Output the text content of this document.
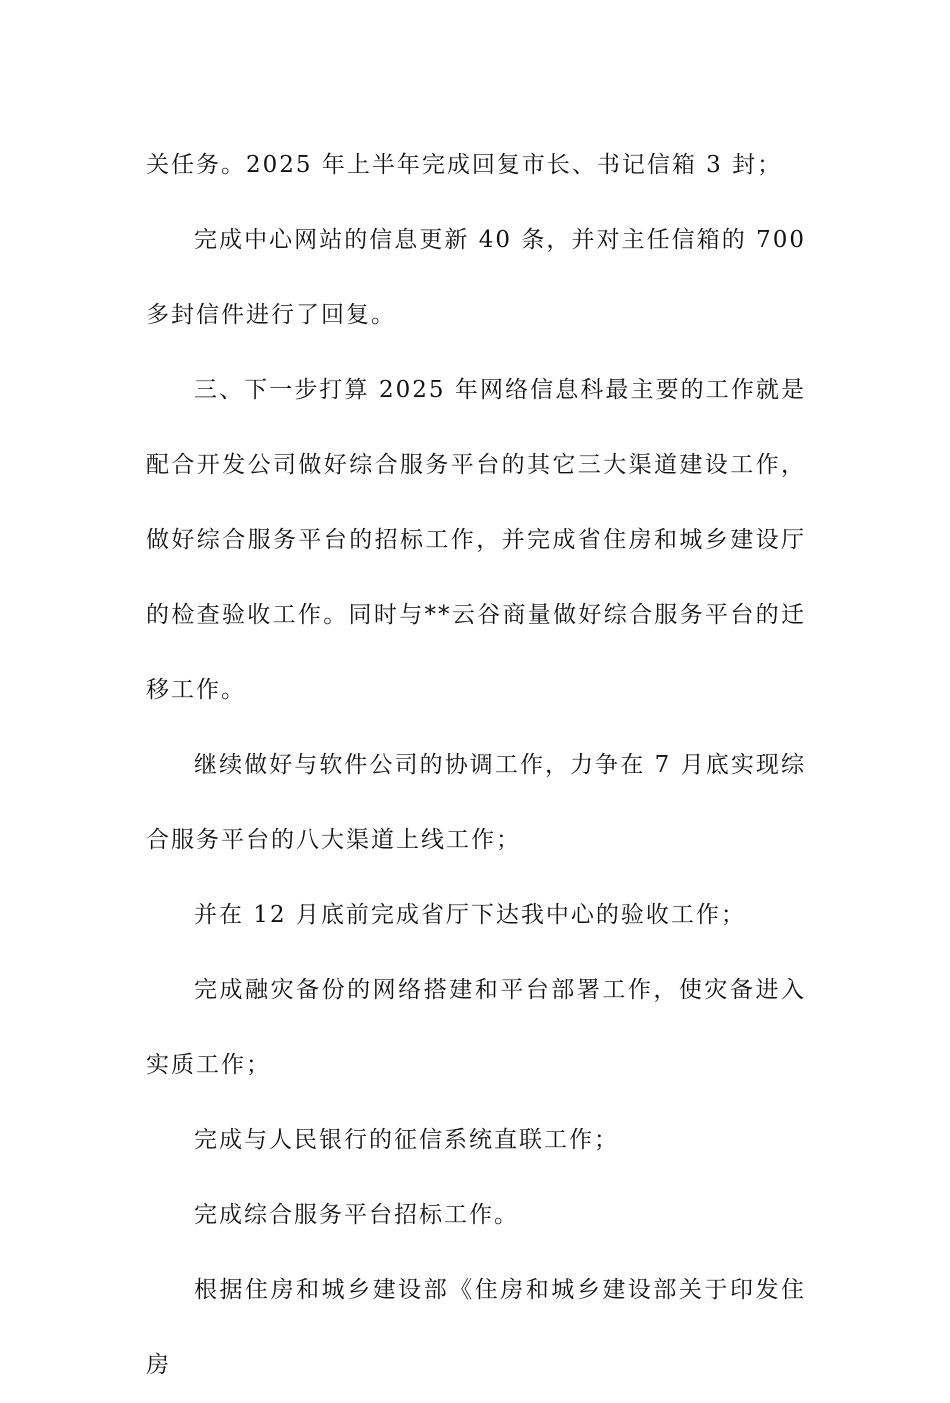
关任务。2025 年上半年完成回复市长、书记信箱 3 封；

完成中心网站的信息更新 40 条，并对主任信箱的 700 多封信件进行了回复。

三、下一步打算 2025 年网络信息科最主要的工作就是配合开发公司做好综合服务平台的其它三大渠道建设工作，做好综合服务平台的招标工作，并完成省住房和城乡建设厅的检查验收工作。同时与**云谷商量做好综合服务平台的迁移工作。

继续做好与软件公司的协调工作，力争在 7 月底实现综合服务平台的八大渠道上线工作；

并在 12 月底前完成省厅下达我中心的验收工作；

完成融灾备份的网络搭建和平台部署工作，使灾备进入实质工作；

完成与人民银行的征信系统直联工作；

完成综合服务平台招标工作。

根据住房和城乡建设部《住房和城乡建设部关于印发住房
